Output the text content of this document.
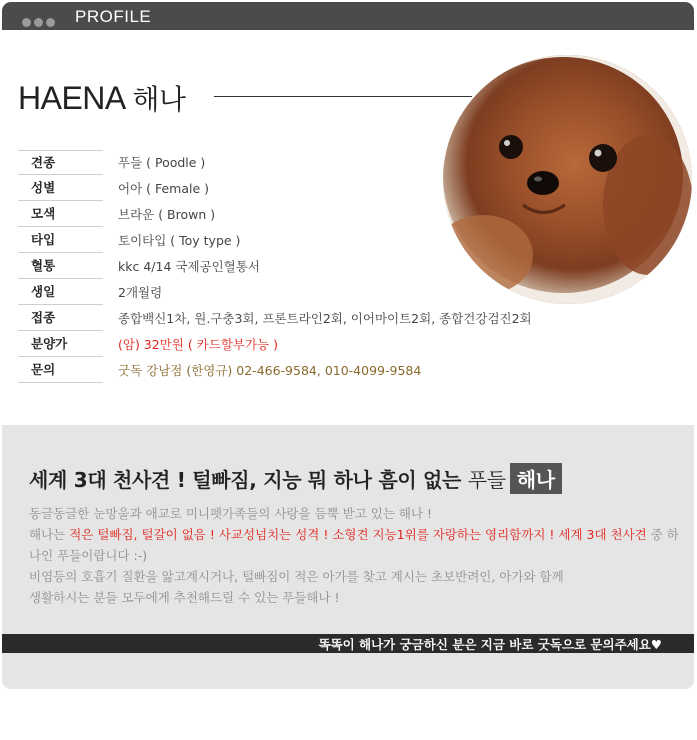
PROFILE
HAENA 해나
견종	푸들 ( Poodle )
성별	어아 ( Female )
모색	브라운 ( Brown )
타입	토이타입 ( Toy type )
혈통	kkc 4/14 국제공인혈통서
생일	2개월령
접종	종합백신1차, 원.구충3회, 프론트라인2회, 이어마이트2회, 종합건강검진2회
분양가	(암) 32만원 ( 카드할부가능 )
문의	굿독 강남점 (한영규) 02-466-9584, 010-4099-9584
세계 3대 천사견 ! 털빠짐, 지능 뭐 하나 흠이 없는 푸들 해나
동글동글한 눈망울과 애교로 미니펫가족들의 사랑을 듬뿍 받고 있는 해나 !
해나는 적은 털빠짐, 털갈이 없음 ! 사교성넘치는 성격 ! 소형견 지능1위를 자랑하는 영리함까지 ! 세계 3대 천사견 중 하나인 푸들이랍니다 :-)
비염등의 호흡기 질환을 앓고계시거나, 털빠짐이 적은 아가를 찾고 계시는 초보반려인, 아가와 함께
생활하시는 분들 모두에게 추천해드릴 수 있는 푸들해나 !
똑똑이 해나가 궁금하신 분은 지금 바로 굿독으로 문의주세요♥
